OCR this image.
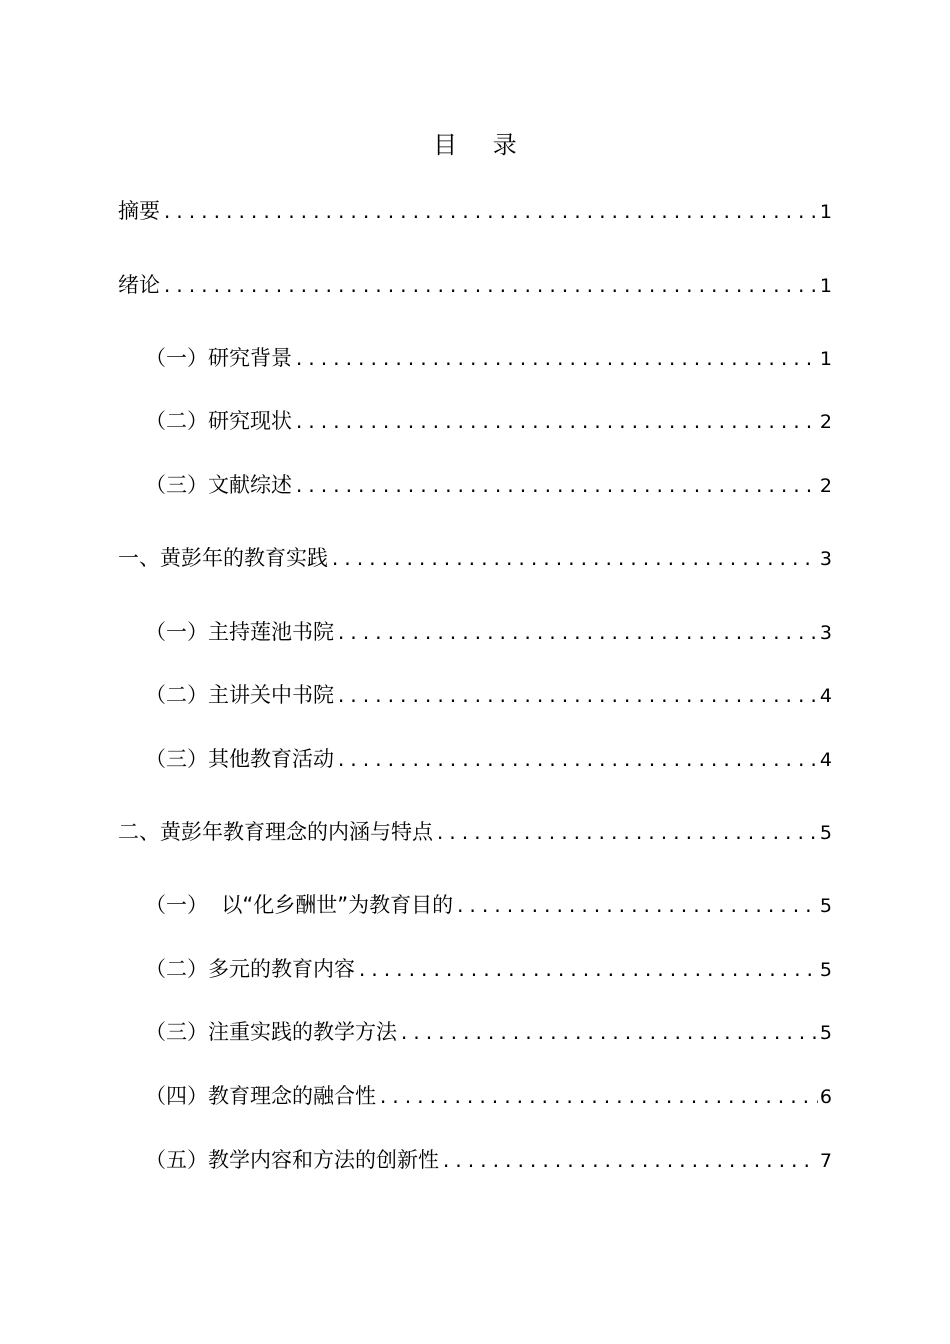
目 录
摘要 .....	1
绪论 .....	1
（一）研究背景 .....	1
（二）研究现状 .....	2
（三）文献综述 .....	2
一、黄彭年的教育实践 .....	3
（一）主持莲池书院 .....	3
（二）主讲关中书院 .....	4
（三）其他教育活动 .....	4
二、黄彭年教育理念的内涵与特点 .....	5
（一）  以“化乡酬世”为教育目的 .....	5
（二）多元的教育内容 .....	5
（三）注重实践的教学方法 .....	5
（四）教育理念的融合性 .....	6
（五）教学内容和方法的创新性 .....	7
